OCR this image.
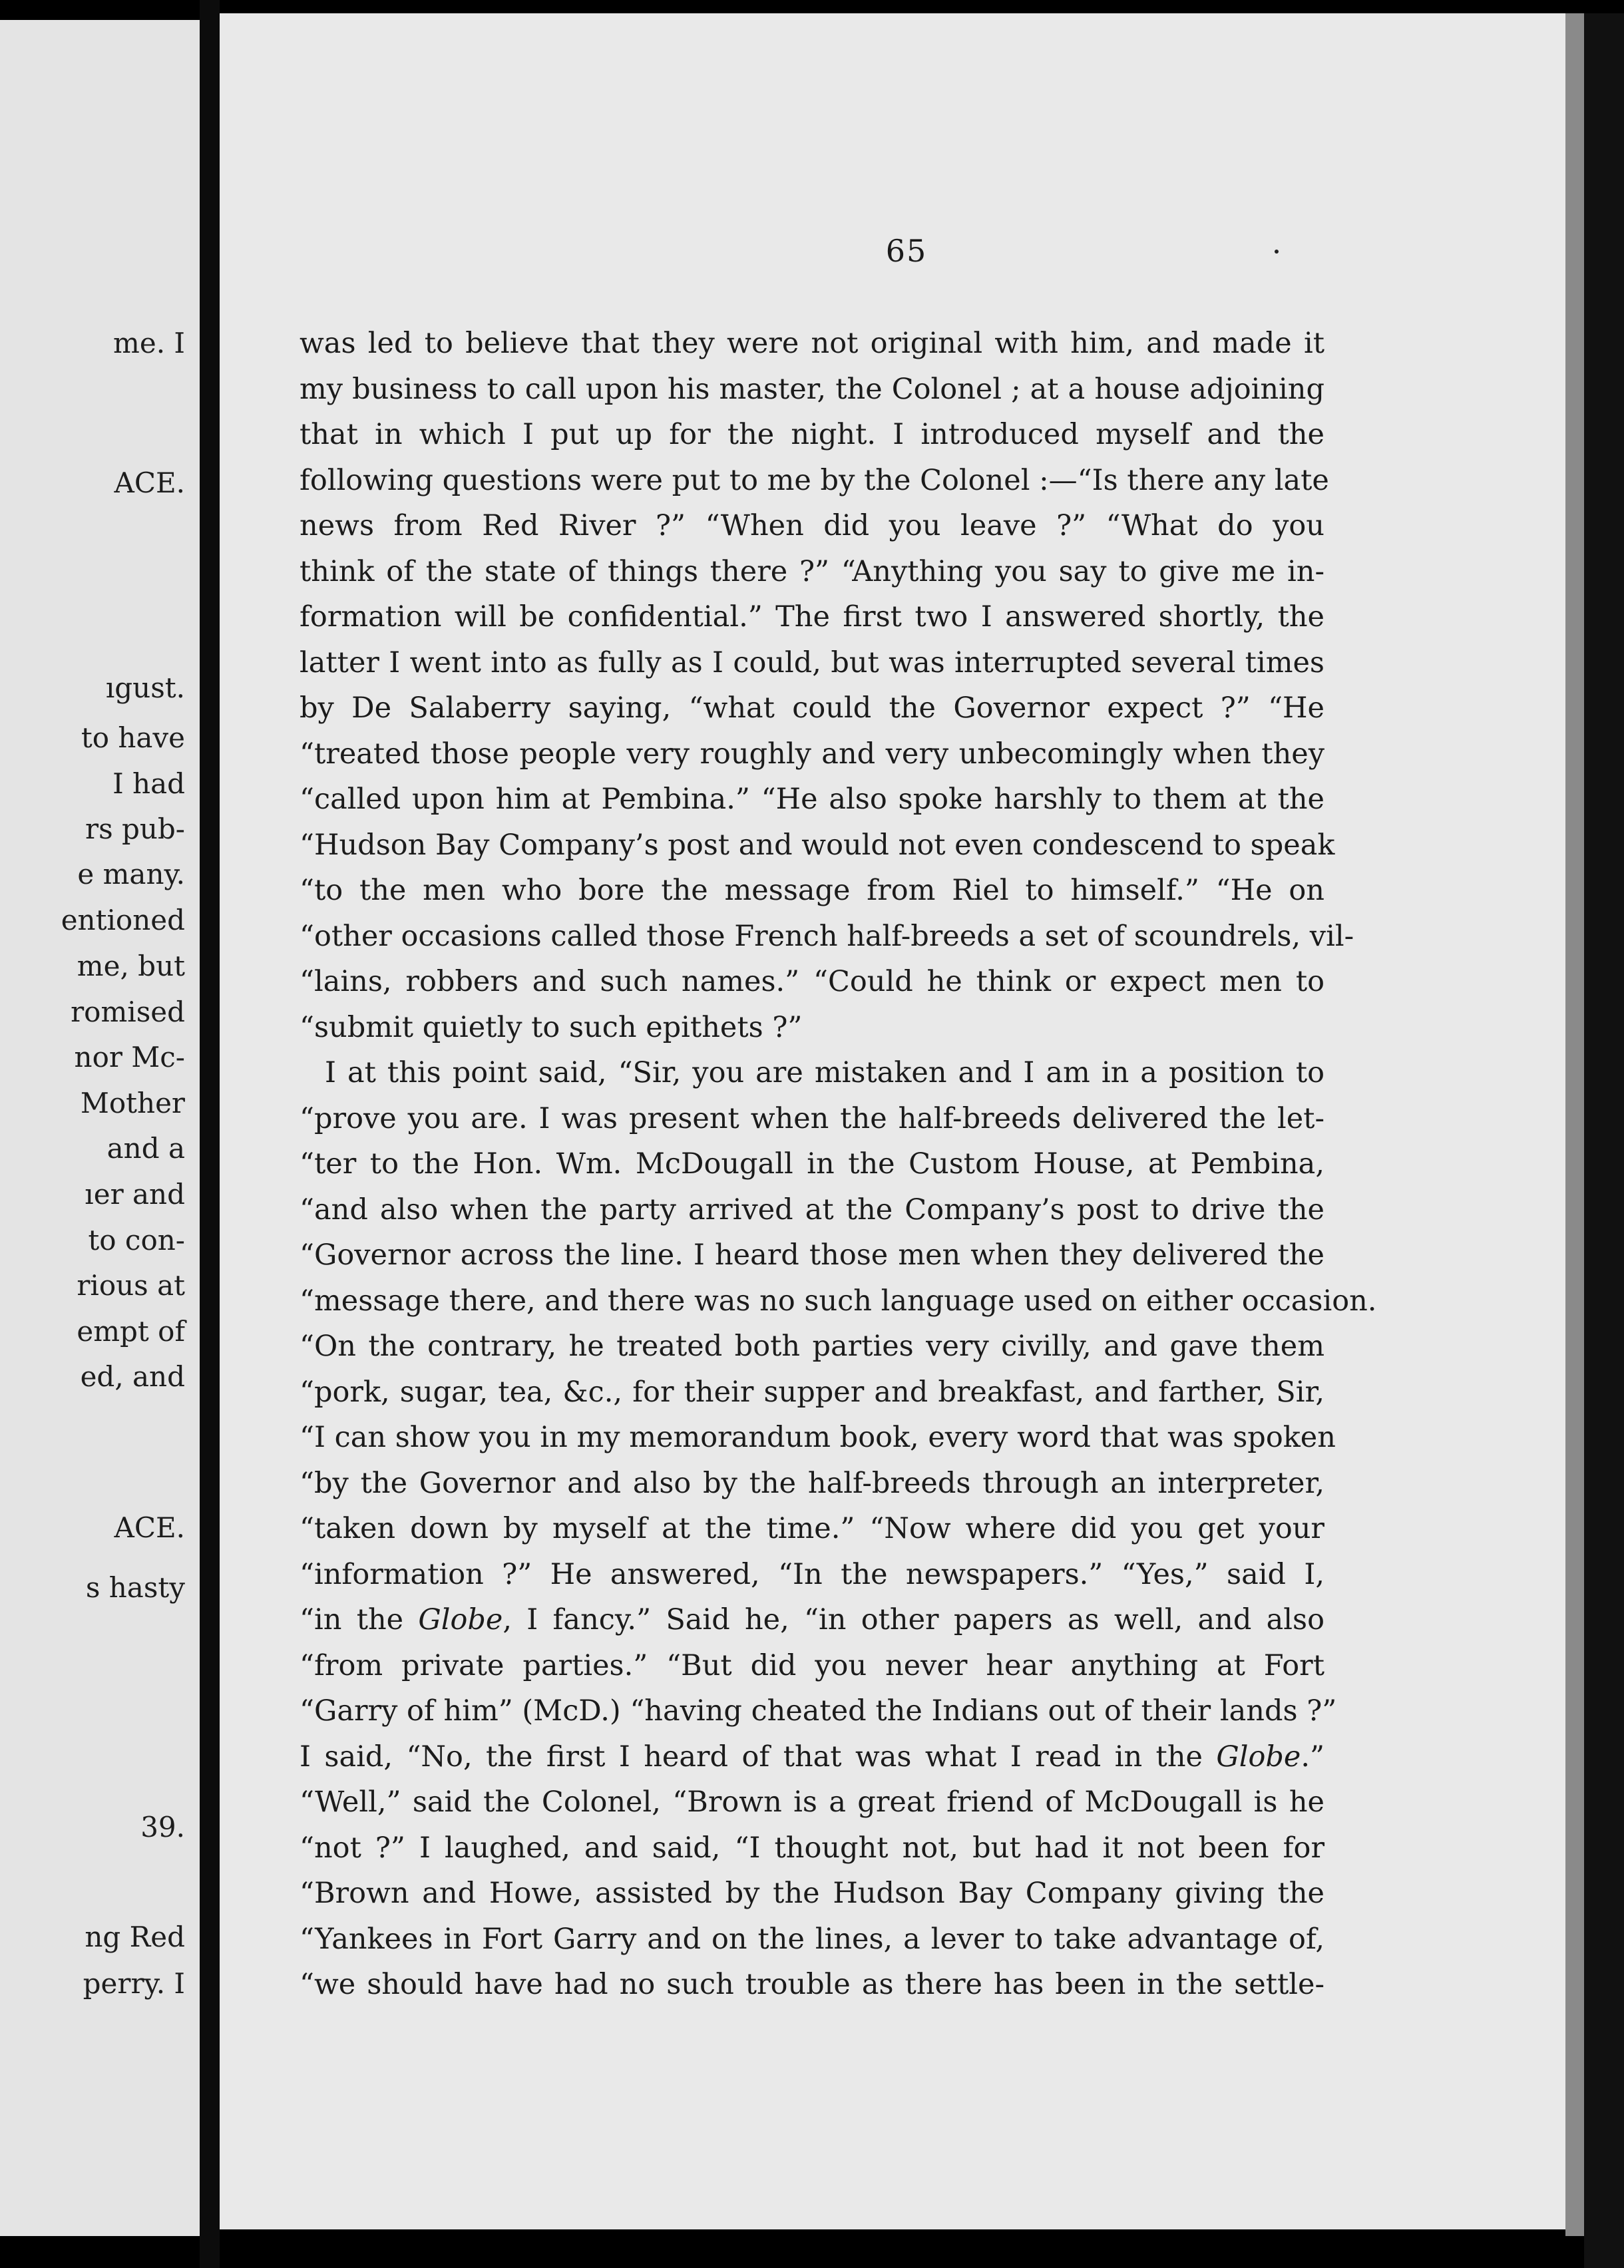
me. I
ACE.
ıgust.
to have
I had
rs pub-
e many.
entioned
me, but
romised
nor Mc-
Mother
and a
ıer and
to con-
rious at
empt of
ed, and
ACE.
s hasty
39.
ng Red
perry. I
65
was led to believe that they were not original with him, and made it
my business to call upon his master, the Colonel ; at a house adjoining
that in which I put up for the night. I introduced myself and the
following questions were put to me by the Colonel :—“Is there any late
news from Red River ?” “When did you leave ?” “What do you
think of the state of things there ?” “Anything you say to give me in-
formation will be confidential.” The first two I answered shortly, the
latter I went into as fully as I could, but was interrupted several times
by De Salaberry saying, “what could the Governor expect ?” “He
“treated those people very roughly and very unbecomingly when they
“called upon him at Pembina.” “He also spoke harshly to them at the
“Hudson Bay Company’s post and would not even condescend to speak
“to the men who bore the message from Riel to himself.” “He on
“other occasions called those French half-breeds a set of scoundrels, vil-
“lains, robbers and such names.” “Could he think or expect men to
“submit quietly to such epithets ?”
I at this point said, “Sir, you are mistaken and I am in a position to
“prove you are. I was present when the half-breeds delivered the let-
“ter to the Hon. Wm. McDougall in the Custom House, at Pembina,
“and also when the party arrived at the Company’s post to drive the
“Governor across the line. I heard those men when they delivered the
“message there, and there was no such language used on either occasion.
“On the contrary, he treated both parties very civilly, and gave them
“pork, sugar, tea, &c., for their supper and breakfast, and farther, Sir,
“I can show you in my memorandum book, every word that was spoken
“by the Governor and also by the half-breeds through an interpreter,
“taken down by myself at the time.” “Now where did you get your
“information ?” He answered, “In the newspapers.” “Yes,” said I,
“in the Globe, I fancy.” Said he, “in other papers as well, and also
“from private parties.” “But did you never hear anything at Fort
“Garry of him” (McD.) “having cheated the Indians out of their lands ?”
I said, “No, the first I heard of that was what I read in the Globe.”
“Well,” said the Colonel, “Brown is a great friend of McDougall is he
“not ?” I laughed, and said, “I thought not, but had it not been for
“Brown and Howe, assisted by the Hudson Bay Company giving the
“Yankees in Fort Garry and on the lines, a lever to take advantage of,
“we should have had no such trouble as there has been in the settle-
